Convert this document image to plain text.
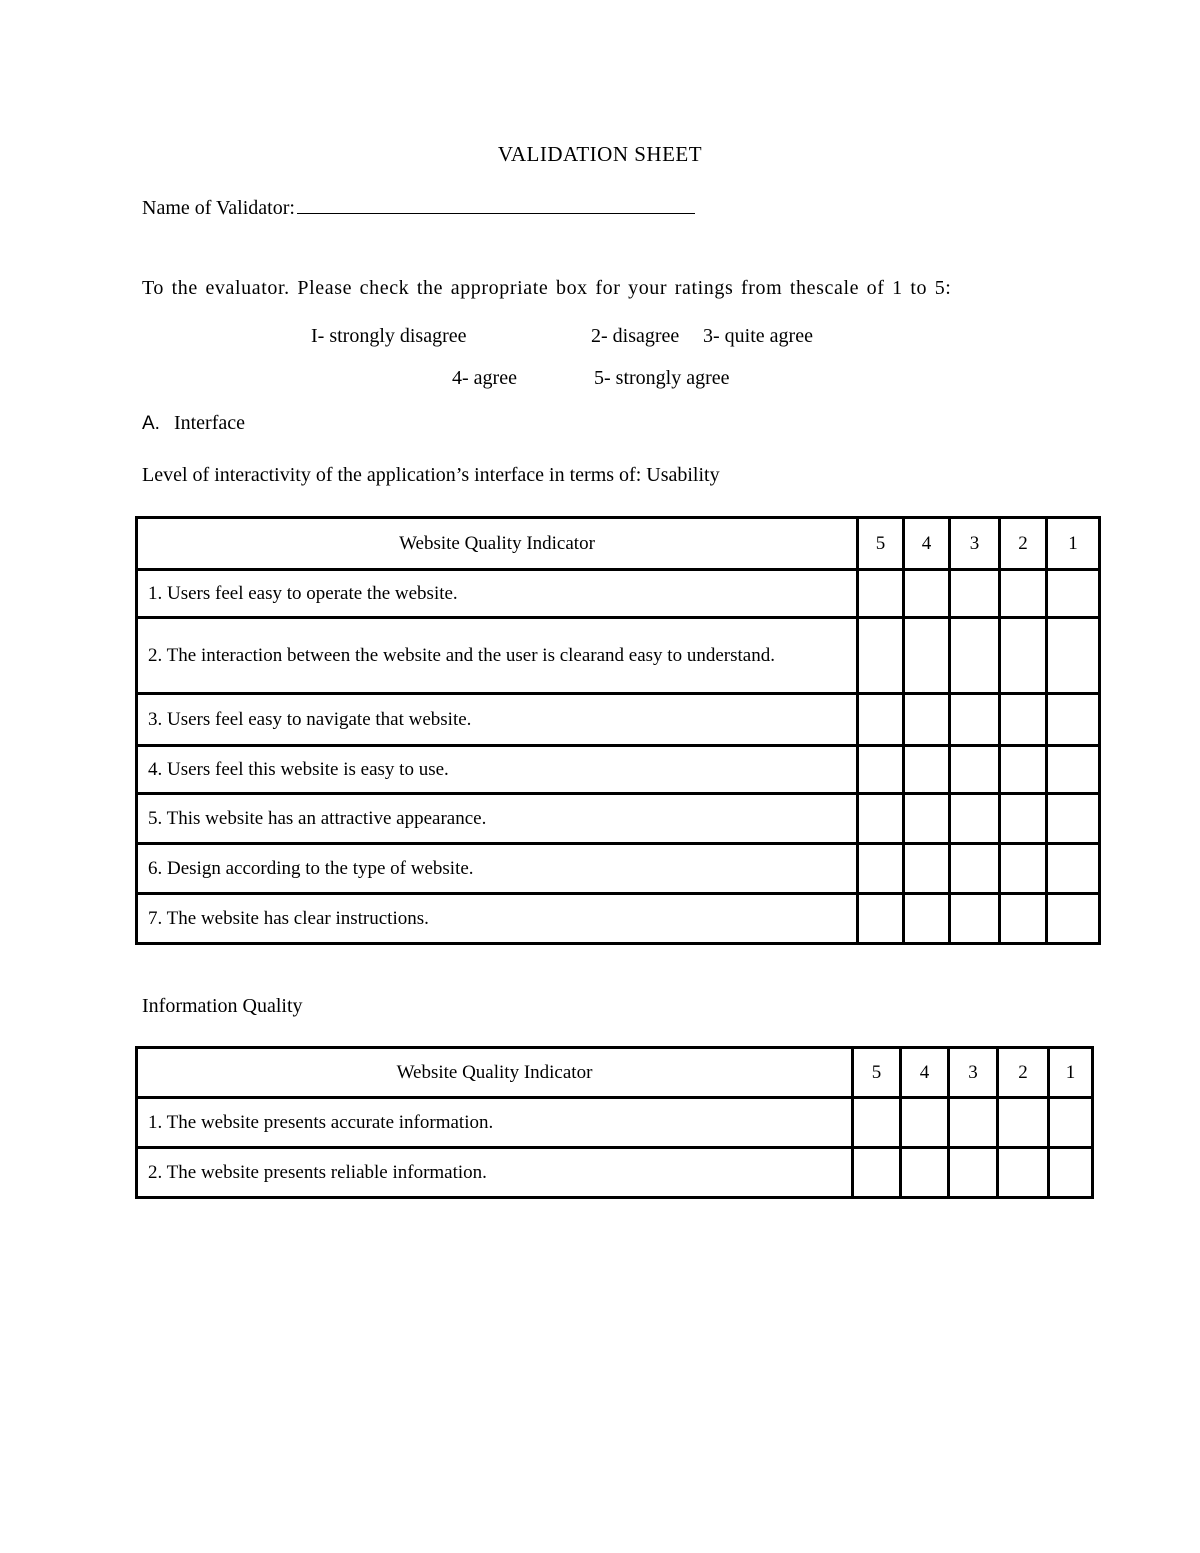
VALIDATION SHEET
Name of Validator:
To the evaluator. Please check the appropriate box for your ratings from thescale of 1 to 5:
I- strongly disagree	2- disagree 3- quite agree
4- agree	5- strongly agree
A. Interface
Level of interactivity of the application’s interface in terms of: Usability
Website Quality Indicator	5	4	3	2	1
1. Users feel easy to operate the website.					
2. The interaction between the website and the user is clearand easy to understand.					
3. Users feel easy to navigate that website.					
4. Users feel this website is easy to use.					
5. This website has an attractive appearance.					
6. Design according to the type of website.					
7. The website has clear instructions.					
Information Quality
Website Quality Indicator	5	4	3	2	1
1. The website presents accurate information.					
2. The website presents reliable information.					
